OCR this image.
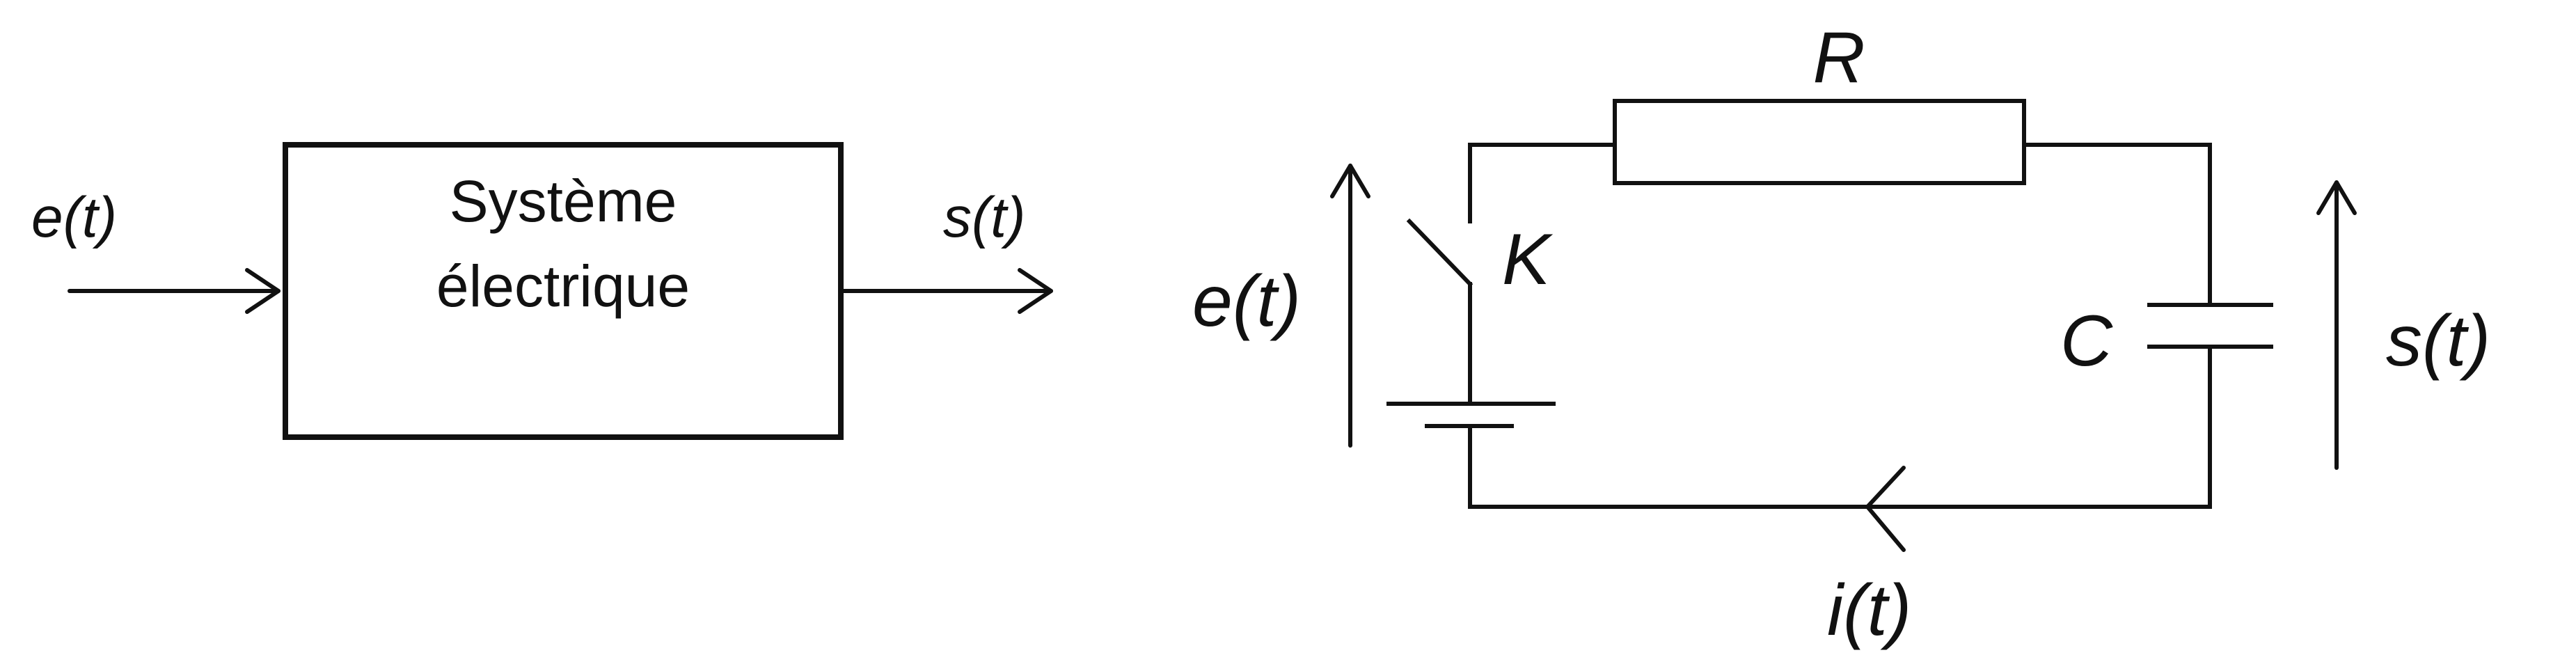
e(t)	Système
électrique
s(t)
e(t)
K
R
C	s(t)
i(t)
